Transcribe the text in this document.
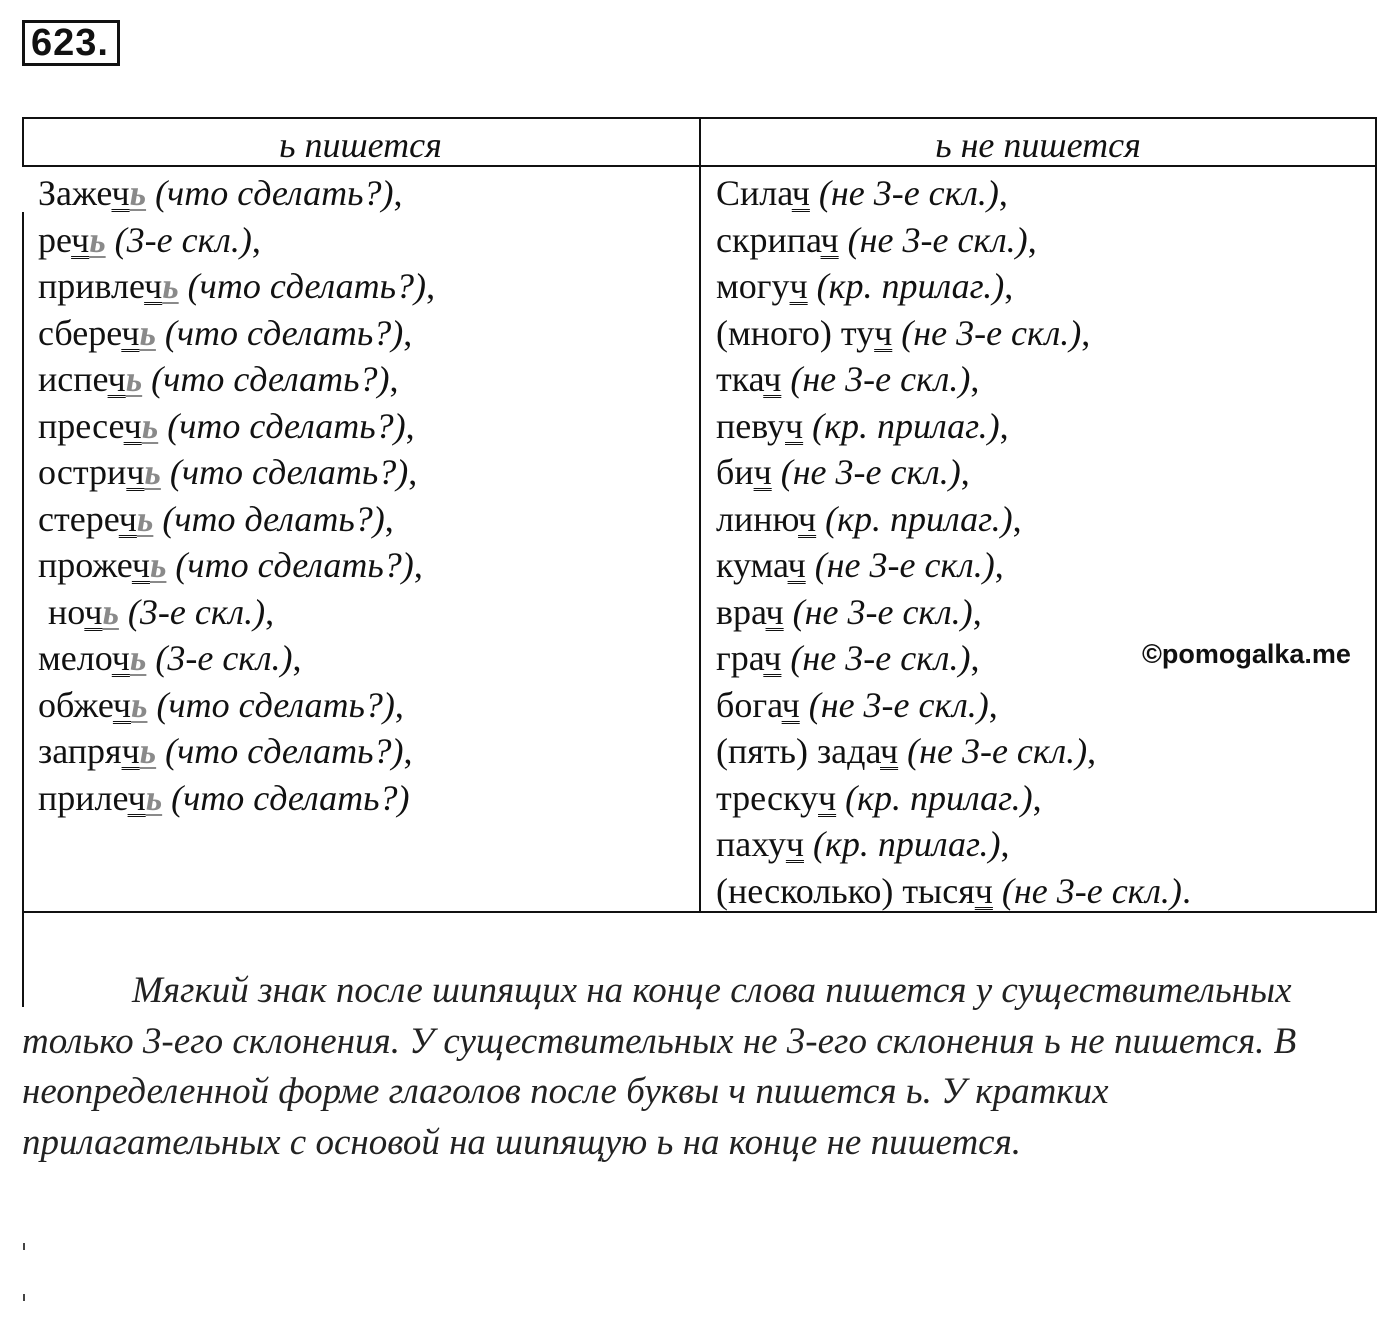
623.
ь пишется	ь не пишется
Зажечь (что сделать?),
речь (3-е скл.),
привлечь (что сделать?),
сберечь (что сделать?),
испечь (что сделать?),
пресечь (что сделать?),
остричь (что сделать?),
стеречь (что делать?),
прожечь (что сделать?),
ночь (3-е скл.),
мелочь (3-е скл.),
обжечь (что сделать?),
запрячь (что сделать?),
прилечь (что сделать?)
Силач (не 3-е скл.),
скрипач (не 3-е скл.),
могуч (кр. прилаг.),
(много) туч (не 3-е скл.),
ткач (не 3-е скл.),
певуч (кр. прилаг.),
бич (не 3-е скл.),
линюч (кр. прилаг.),
кумач (не 3-е скл.),
врач (не 3-е скл.),
грач (не 3-е скл.),
богач (не 3-е скл.),
(пять) задач (не 3-е скл.),
трескуч (кр. прилаг.),
пахуч (кр. прилаг.),
(несколько) тысяч (не 3-е скл.).
©pomogalka.me

Мягкий знак после шипящих на конце слова пишется у существительных только 3-его склонения. У существительных не 3-его склонения ь не пишется. В неопределенной форме глаголов после буквы ч пишется ь. У кратких прилагательных с основой на шипящую ь на конце не пишется.
